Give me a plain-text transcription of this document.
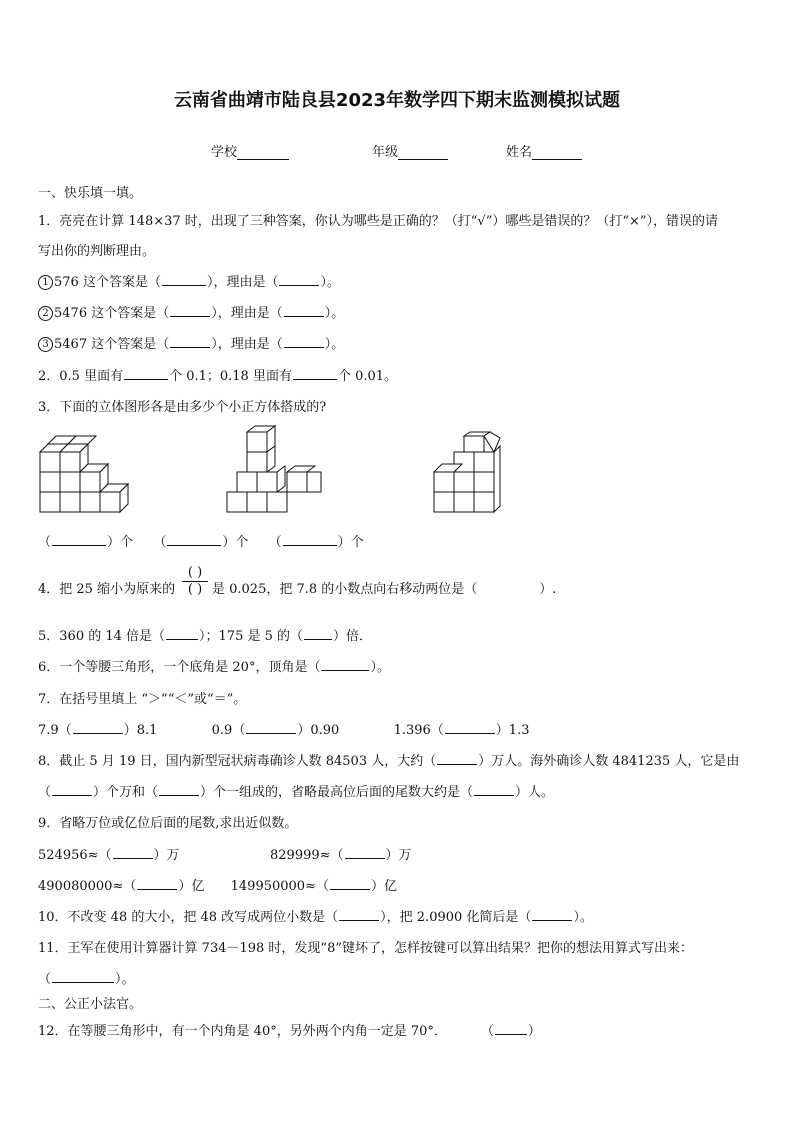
云南省曲靖市陆良县2023年数学四下期末监测模拟试题
学校	年级	姓名
一、快乐填一填。
1．亮亮在计算 148×37 时，出现了三种答案，你认为哪些是正确的？（打“√”）哪些是错误的？（打“×”），错误的请
写出你的判断理由。
1 576 这个答案是（	），理由是（	）。
2 5476 这个答案是（	），理由是（	）。
3 5467 这个答案是（	），理由是（	）。
2．0.5 里面有	个 0.1；0.18 里面有	个 0.01。
3．下面的立体图形各是由多少个小正方体搭成的?
（	）个 （	）个 （	）个
4．把 25 缩小为原来的
( )
( ) 是 0.025，把 7.8 的小数点向右移动两位是（	）.
5．360 的 14 倍是（	）；175 是 5 的（ ）倍．
6．一个等腰三角形，一个底角是 20°，顶角是（	）。
7．在括号里填上 “＞”“＜”或“＝”。
7.9（	）8.1	0.9（	）0.90	1.396（	）1.3
8．截止 5 月 19 日，国内新型冠状病毒确诊人数 84503 人，大约（	）万人。海外确诊人数 4841235 人，它是由
（	）个万和（	）个一组成的，省略最高位后面的尾数大约是（	）人。
9．省略万位或亿位后面的尾数,求出近似数。
524956≈（	）万	829999≈（	）万
490080000≈（	）亿 149950000≈（	）亿
10．不改变 48 的大小，把 48 改写成两位小数是（	），把 2.0900 化简后是（	）。
11．王军在使用计算器计算 734－198 时，发现“8”键坏了，怎样按键可以算出结果？把你的想法用算式写出来：
（	）。
二、公正小法官。
12．在等腰三角形中，有一个内角是 40°，另外两个内角一定是 70°．	（	）
